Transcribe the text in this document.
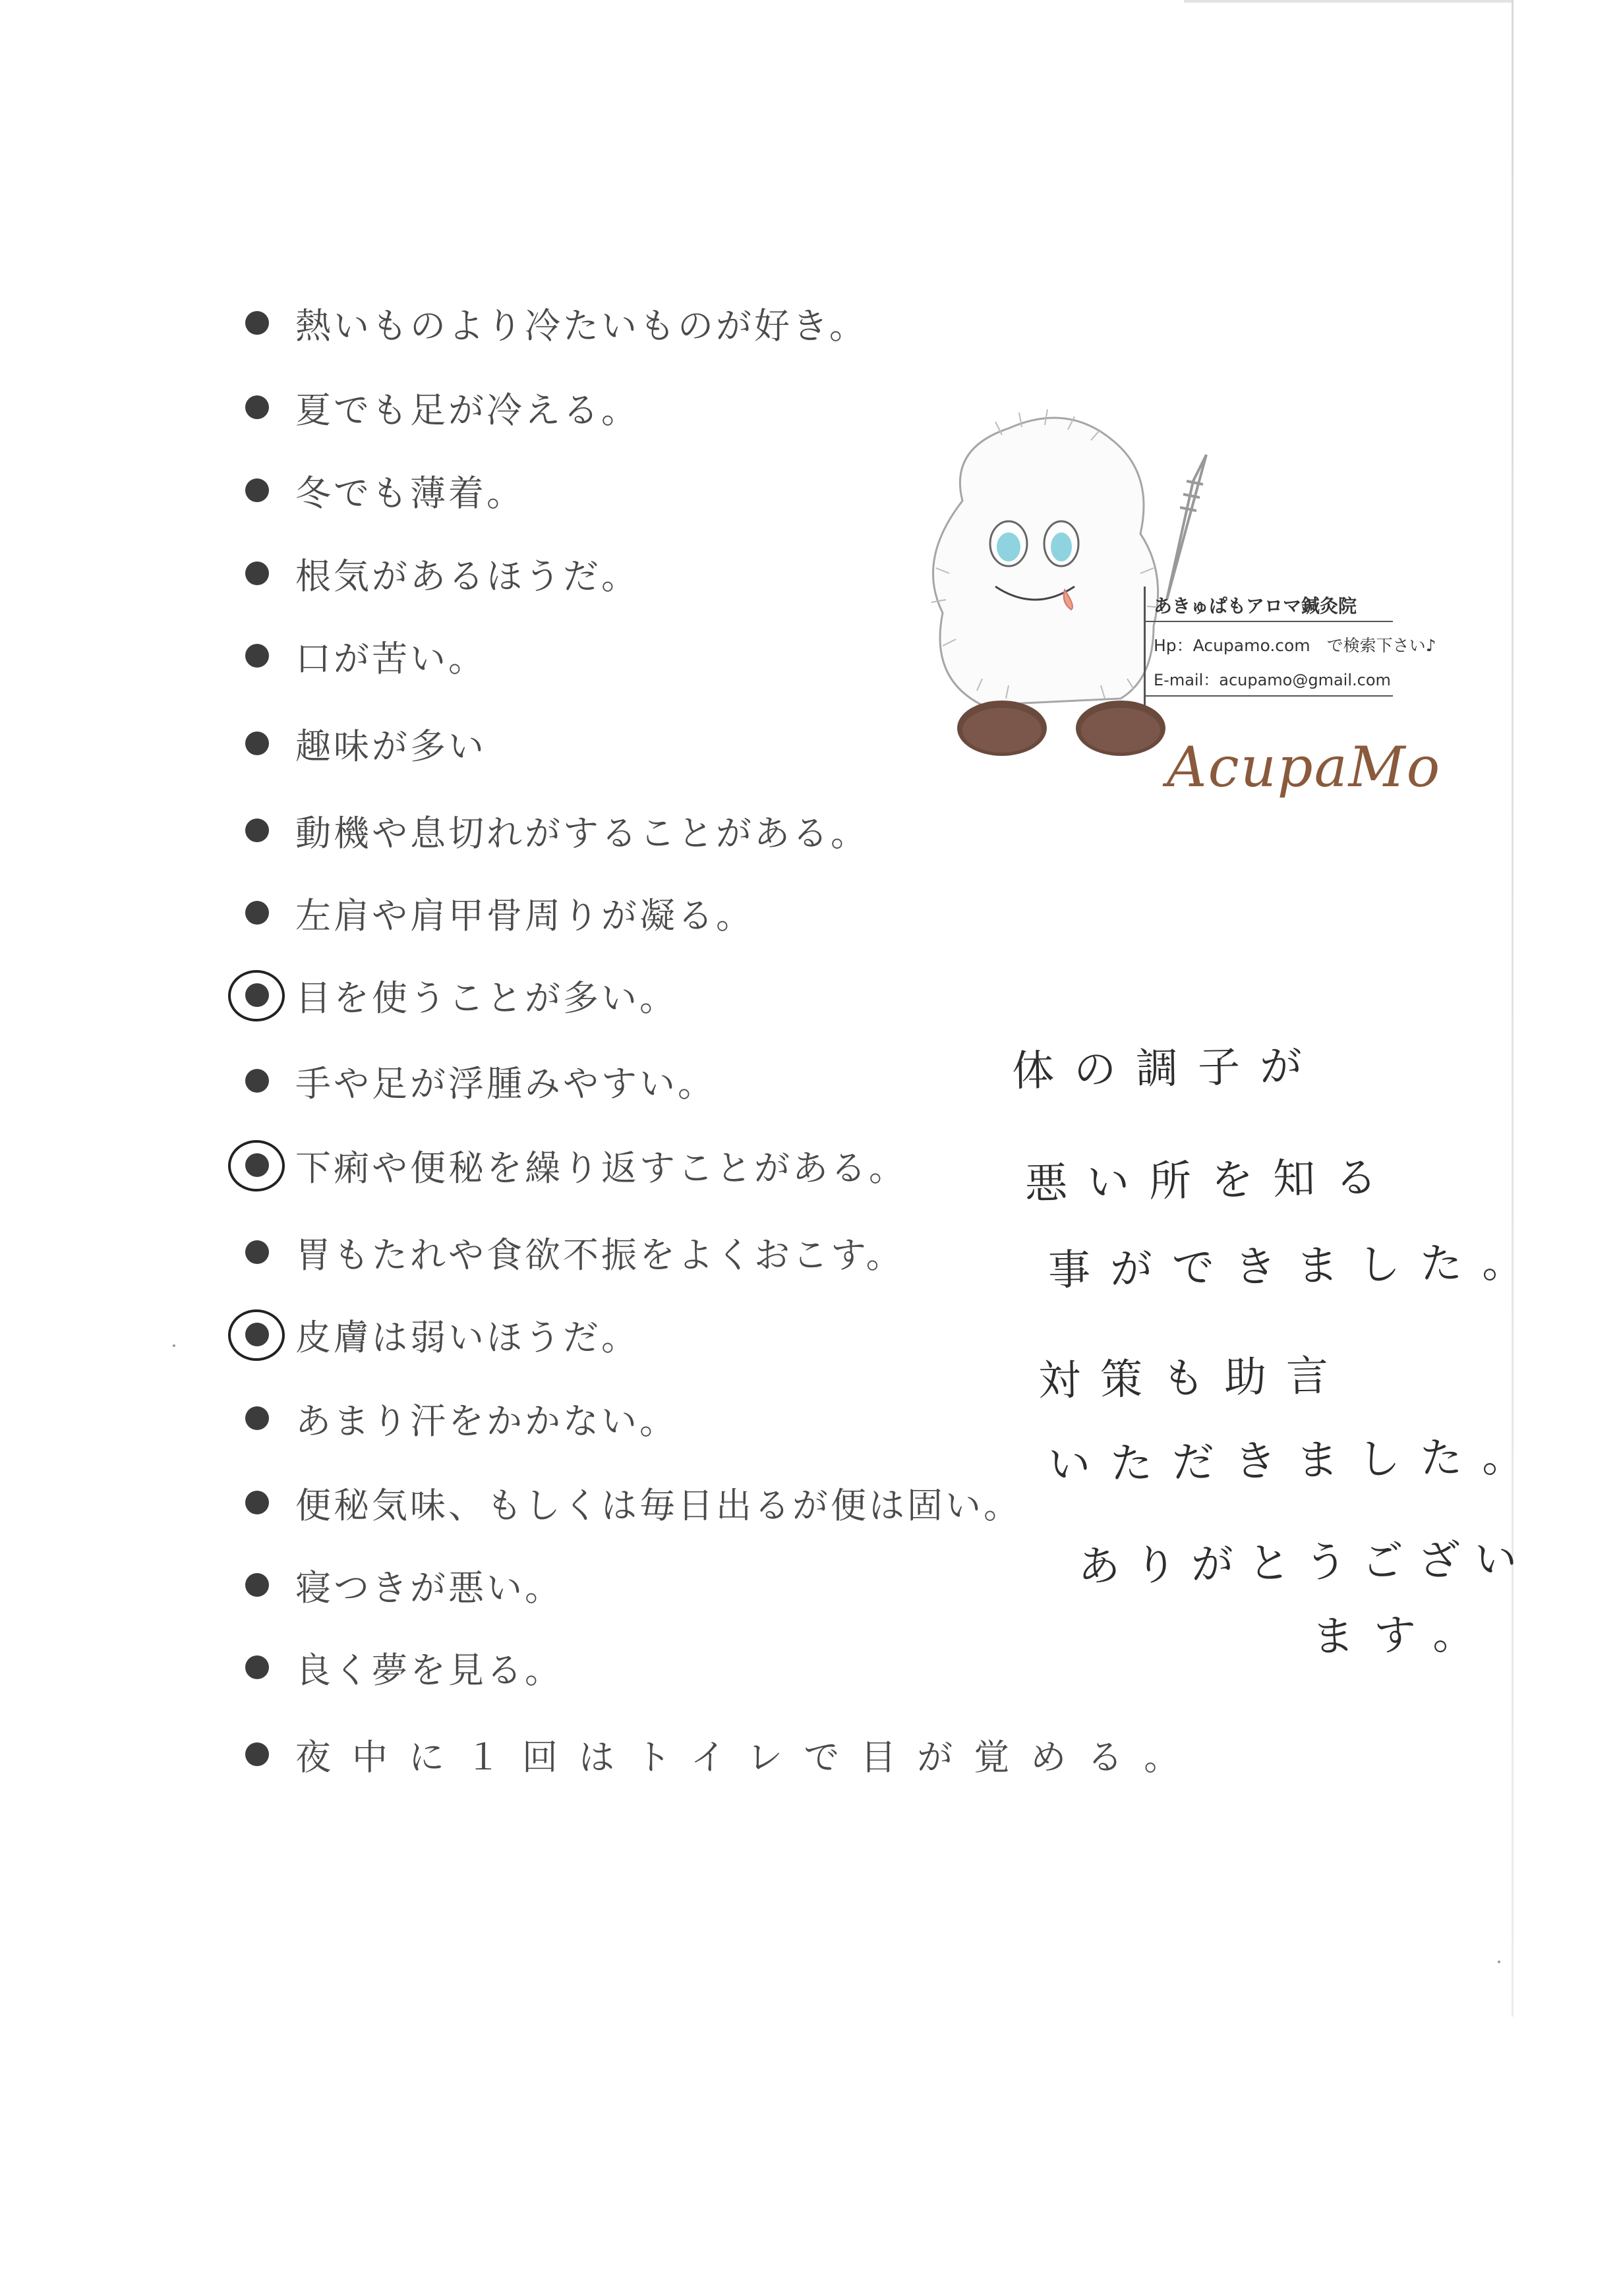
熱いものより冷たいものが好き。
夏でも足が冷える。
冬でも薄着。
根気があるほうだ。
口が苦い。
趣味が多い
動機や息切れがすることがある。
左肩や肩甲骨周りが凝る。
目を使うことが多い。
手や足が浮腫みやすい。
下痢や便秘を繰り返すことがある。
胃もたれや食欲不振をよくおこす。
皮膚は弱いほうだ。
あまり汗をかかない。
便秘気味、もしくは毎日出るが便は固い。
寝つきが悪い。
良く夢を見る。
夜中に１回はトイレで目が覚める。
あきゅぱもアロマ鍼灸院
Hp：Acupamo.com　で検索下さい♪
E-mail：acupamo@gmail.com
AcupaMo
体の調子が
悪い所を知る
事ができました。
対策も助言
いただきました。
ありがとうござい
ます。
